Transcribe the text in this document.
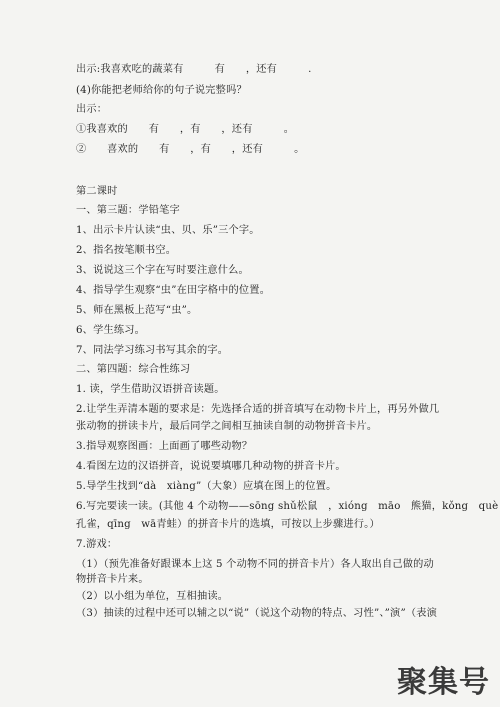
出示:我喜欢吃的蔬菜有　　　有　　，还有　　　.
(4)你能把老师给你的句子说完整吗？
出示：
①我喜欢的　　有　　，有　　，还有　　　。
②　　喜欢的　　有　　，有　　，还有　　　。
第二课时
一、第三题：学铅笔字
1、出示卡片认读“虫、贝、乐”三个字。
2、指名按笔顺书空。
3、说说这三个字在写时要注意什么。
4、指导学生观察“虫”在田字格中的位置。
5、师在黑板上范写“虫”。
6、学生练习。
7、同法学习练习书写其余的字。
二、第四题：综合性练习
1. 读，学生借助汉语拼音读题。
2.让学生弄清本题的要求是：先选择合适的拼音填写在动物卡片上，再另外做几
张动物的拼读卡片，最后同学之间相互抽读自制的动物拼音卡片。
3.指导观察图画：上面画了哪些动物？
4.看图左边的汉语拼音，说说要填哪几种动物的拼音卡片。
5.导学生找到“dà　xiàng”（大象）应填在图上的位置。
6.写完要读一读。(其他 4 个动物——sōng shǔ松鼠　，xióng　māo　熊猫，kǒng　què
孔雀，qīng　wā青蛙）的拼音卡片的选填，可按以上步骤进行。）
7.游戏：
（1）（预先准备好跟课本上这 5 个动物不同的拼音卡片）各人取出自己做的动
物拼音卡片来。
（2）以小组为单位，互相抽读。
（3）抽读的过程中还可以辅之以“说”（说这个动物的特点、习性”、”演”（表演
聚集号
